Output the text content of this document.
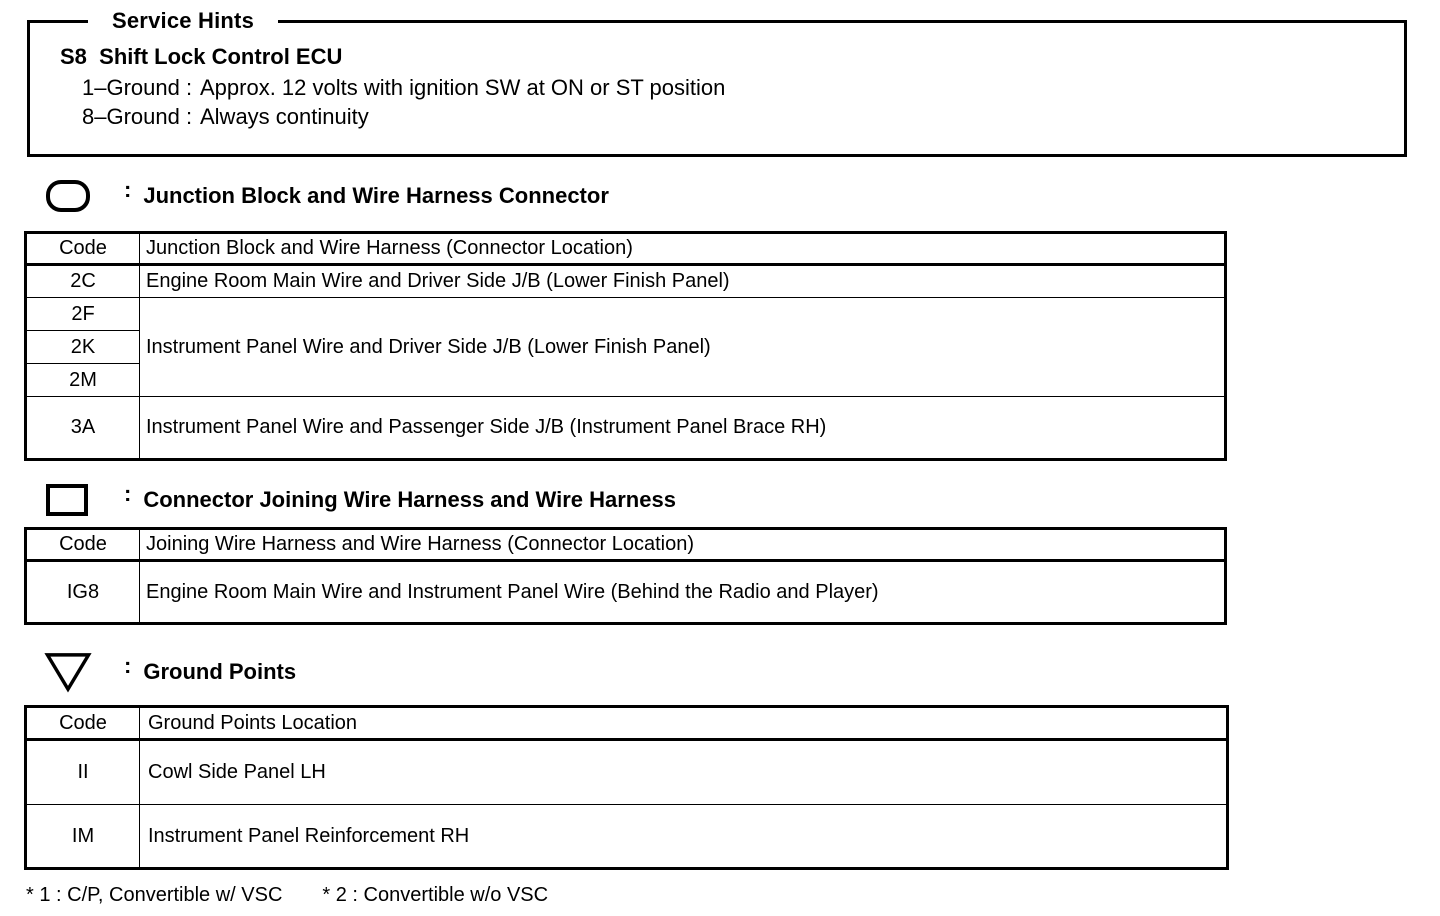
Service Hints
S8 Shift Lock Control ECU
1–Ground : Approx. 12 volts with ignition SW at ON or ST position
8–Ground : Always continuity
: Junction Block and Wire Harness Connector
Code	Junction Block and Wire Harness (Connector Location)
2C	Engine Room Main Wire and Driver Side J/B (Lower Finish Panel)
2F	Instrument Panel Wire and Driver Side J/B (Lower Finish Panel)
2K	
2M	
3A	Instrument Panel Wire and Passenger Side J/B (Instrument Panel Brace RH)
: Connector Joining Wire Harness and Wire Harness
Code	Joining Wire Harness and Wire Harness (Connector Location)
IG8	Engine Room Main Wire and Instrument Panel Wire (Behind the Radio and Player)
: Ground Points
Code	Ground Points Location
II	Cowl Side Panel LH
IM	Instrument Panel Reinforcement RH
* 1 : C/P, Convertible w/ VSC * 2 : Convertible w/o VSC
